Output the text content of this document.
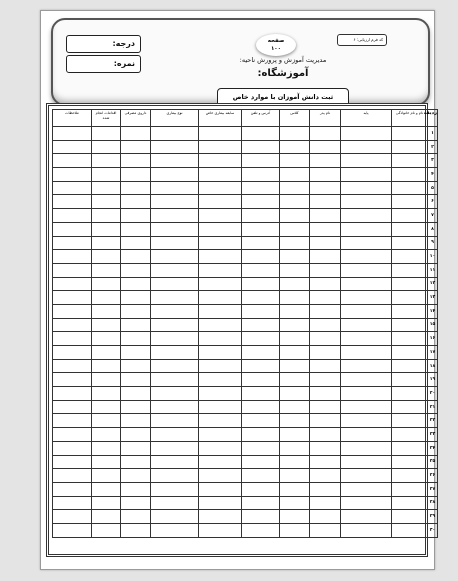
درجه:
نمره:
کد فرم ارزیابی: ۶
صفحه
۱۰۰
مدیریت آموزش و پرورش ناحیه:
آموزشگاه:
ثبت دانش آموزان با موارد خاص
ردیف	نام و نام خانوادگی	پایه	نام پدر	کلاس	آدرس و تلفن	سابقه بیماری خاص	نوع بیماری	داروی مصرفی	اقدامات انجام شده	ملاحظات
۱										
۲										
۳										
۴										
۵										
۶										
۷										
۸										
۹										
۱۰										
۱۱										
۱۲										
۱۳										
۱۴										
۱۵										
۱۶										
۱۷										
۱۸										
۱۹										
۲۰										
۲۱										
۲۲										
۲۳										
۲۴										
۲۵										
۲۶										
۲۷										
۲۸										
۲۹										
۳۰										
